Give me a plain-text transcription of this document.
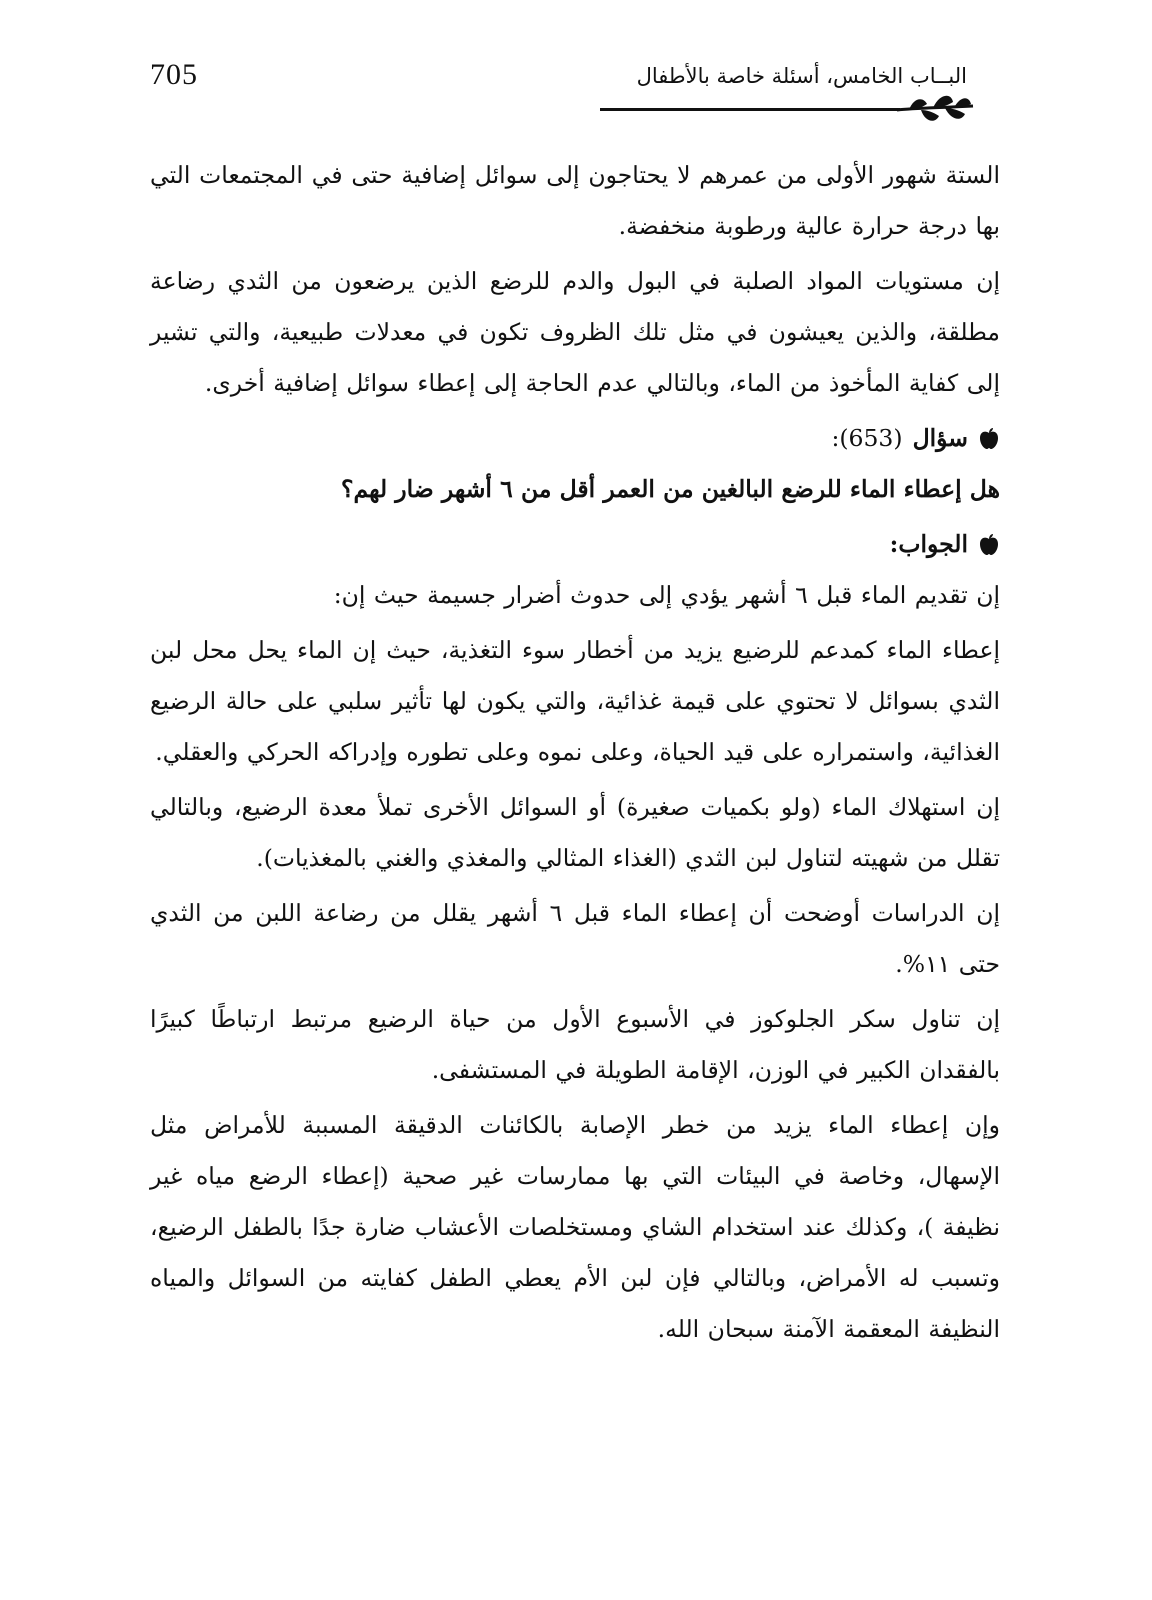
705	البــاب الخامس، أسئلة خاصة بالأطفال

الستة شهور الأولى من عمرهم لا يحتاجون إلى سوائل إضافية حتى في المجتمعات التي بها درجة حرارة عالية ورطوبة منخفضة.

إن مستويات المواد الصلبة في البول والدم للرضع الذين يرضعون من الثدي رضاعة مطلقة، والذين يعيشون في مثل تلك الظروف تكون في معدلات طبيعية، والتي تشير إلى كفاية المأخوذ من الماء، وبالتالي عدم الحاجة إلى إعطاء سوائل إضافية أخرى.

سؤال
(653):

هل إعطاء الماء للرضع البالغين من العمر أقل من ٦ أشهر ضار لهم؟

الجواب:

إن تقديم الماء قبل ٦ أشهر يؤدي إلى حدوث أضرار جسيمة حيث إن:

إعطاء الماء كمدعم للرضيع يزيد من أخطار سوء التغذية، حيث إن الماء يحل محل لبن الثدي بسوائل لا تحتوي على قيمة غذائية، والتي يكون لها تأثير سلبي على حالة الرضيع الغذائية، واستمراره على قيد الحياة، وعلى نموه وعلى تطوره وإدراكه الحركي والعقلي.

إن استهلاك الماء (ولو بكميات صغيرة) أو السوائل الأخرى تملأ معدة الرضيع، وبالتالي تقلل من شهيته لتناول لبن الثدي (الغذاء المثالي والمغذي والغني بالمغذيات).

إن الدراسات أوضحت أن إعطاء الماء قبل ٦ أشهر يقلل من رضاعة اللبن من الثدي حتى ١١%.

إن تناول سكر الجلوكوز في الأسبوع الأول من حياة الرضيع مرتبط ارتباطًا كبيرًا بالفقدان الكبير في الوزن، الإقامة الطويلة في المستشفى.

وإن إعطاء الماء يزيد من خطر الإصابة بالكائنات الدقيقة المسببة للأمراض مثل الإسهال، وخاصة في البيئات التي بها ممارسات غير صحية (إعطاء الرضع مياه غير نظيفة )، وكذلك عند استخدام الشاي ومستخلصات الأعشاب ضارة جدًا بالطفل الرضيع، وتسبب له الأمراض، وبالتالي فإن لبن الأم يعطي الطفل كفايته من السوائل والمياه النظيفة المعقمة الآمنة سبحان الله.
